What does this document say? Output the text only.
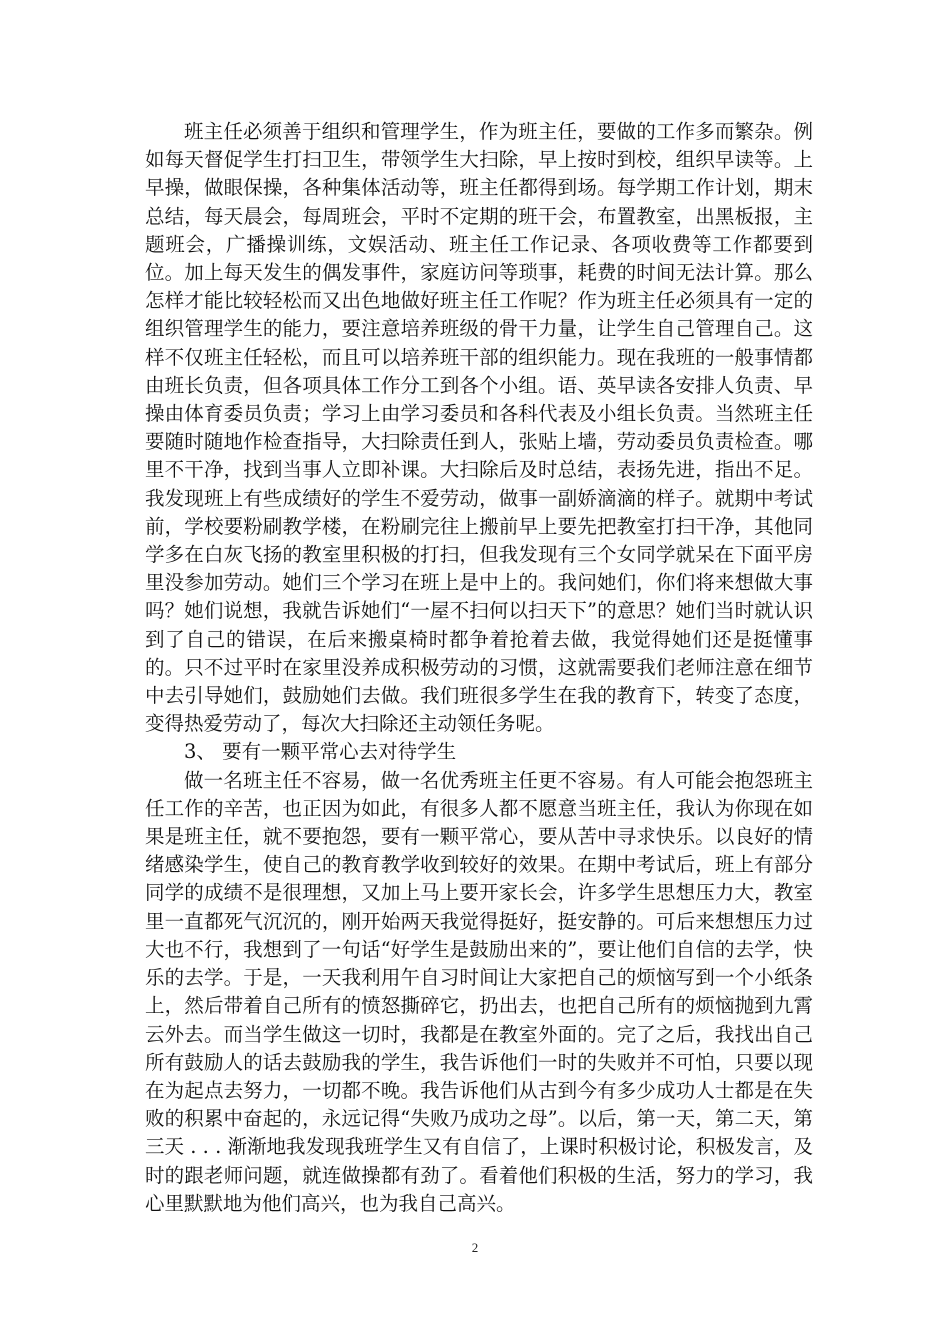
班主任必须善于组织和管理学生，作为班主任，要做的工作多而繁杂。例如每天督促学生打扫卫生，带领学生大扫除，早上按时到校，组织早读等。上早操，做眼保操，各种集体活动等，班主任都得到场。每学期工作计划，期末总结，每天晨会，每周班会，平时不定期的班干会，布置教室，出黑板报，主题班会，广播操训练，文娱活动、班主任工作记录、各项收费等工作都要到位。加上每天发生的偶发事件，家庭访问等琐事，耗费的时间无法计算。那么怎样才能比较轻松而又出色地做好班主任工作呢？作为班主任必须具有一定的组织管理学生的能力，要注意培养班级的骨干力量，让学生自己管理自己。这样不仅班主任轻松，而且可以培养班干部的组织能力。现在我班的一般事情都由班长负责，但各项具体工作分工到各个小组。语、英早读各安排人负责、早操由体育委员负责；学习上由学习委员和各科代表及小组长负责。当然班主任要随时随地作检查指导，大扫除责任到人，张贴上墙，劳动委员负责检查。哪里不干净，找到当事人立即补课。大扫除后及时总结，表扬先进，指出不足。我发现班上有些成绩好的学生不爱劳动，做事一副娇滴滴的样子。就期中考试前，学校要粉刷教学楼，在粉刷完往上搬前早上要先把教室打扫干净，其他同学多在白灰飞扬的教室里积极的打扫，但我发现有三个女同学就呆在下面平房里没参加劳动。她们三个学习在班上是中上的。我问她们，你们将来想做大事吗？她们说想，我就告诉她们“一屋不扫何以扫天下”的意思？她们当时就认识到了自己的错误，在后来搬桌椅时都争着抢着去做，我觉得她们还是挺懂事的。只不过平时在家里没养成积极劳动的习惯，这就需要我们老师注意在细节中去引导她们，鼓励她们去做。我们班很多学生在我的教育下，转变了态度，变得热爱劳动了，每次大扫除还主动领任务呢。

3、 要有一颗平常心去对待学生

做一名班主任不容易，做一名优秀班主任更不容易。有人可能会抱怨班主任工作的辛苦，也正因为如此，有很多人都不愿意当班主任，我认为你现在如果是班主任，就不要抱怨，要有一颗平常心，要从苦中寻求快乐。以良好的情绪感染学生，使自己的教育教学收到较好的效果。在期中考试后，班上有部分同学的成绩不是很理想，又加上马上要开家长会，许多学生思想压力大，教室里一直都死气沉沉的，刚开始两天我觉得挺好，挺安静的。可后来想想压力过大也不行，我想到了一句话“好学生是鼓励出来的”，要让他们自信的去学，快乐的去学。于是，一天我利用午自习时间让大家把自己的烦恼写到一个小纸条上，然后带着自己所有的愤怒撕碎它，扔出去，也把自己所有的烦恼抛到九霄云外去。而当学生做这一切时，我都是在教室外面的。完了之后，我找出自己所有鼓励人的话去鼓励我的学生，我告诉他们一时的失败并不可怕，只要以现在为起点去努力，一切都不晚。我告诉他们从古到今有多少成功人士都是在失败的积累中奋起的，永远记得“失败乃成功之母”。以后，第一天，第二天，第三天 . . . 渐渐地我发现我班学生又有自信了，上课时积极讨论，积极发言，及时的跟老师问题，就连做操都有劲了。看着他们积极的生活，努力的学习，我心里默默地为他们高兴，也为我自己高兴。

2
